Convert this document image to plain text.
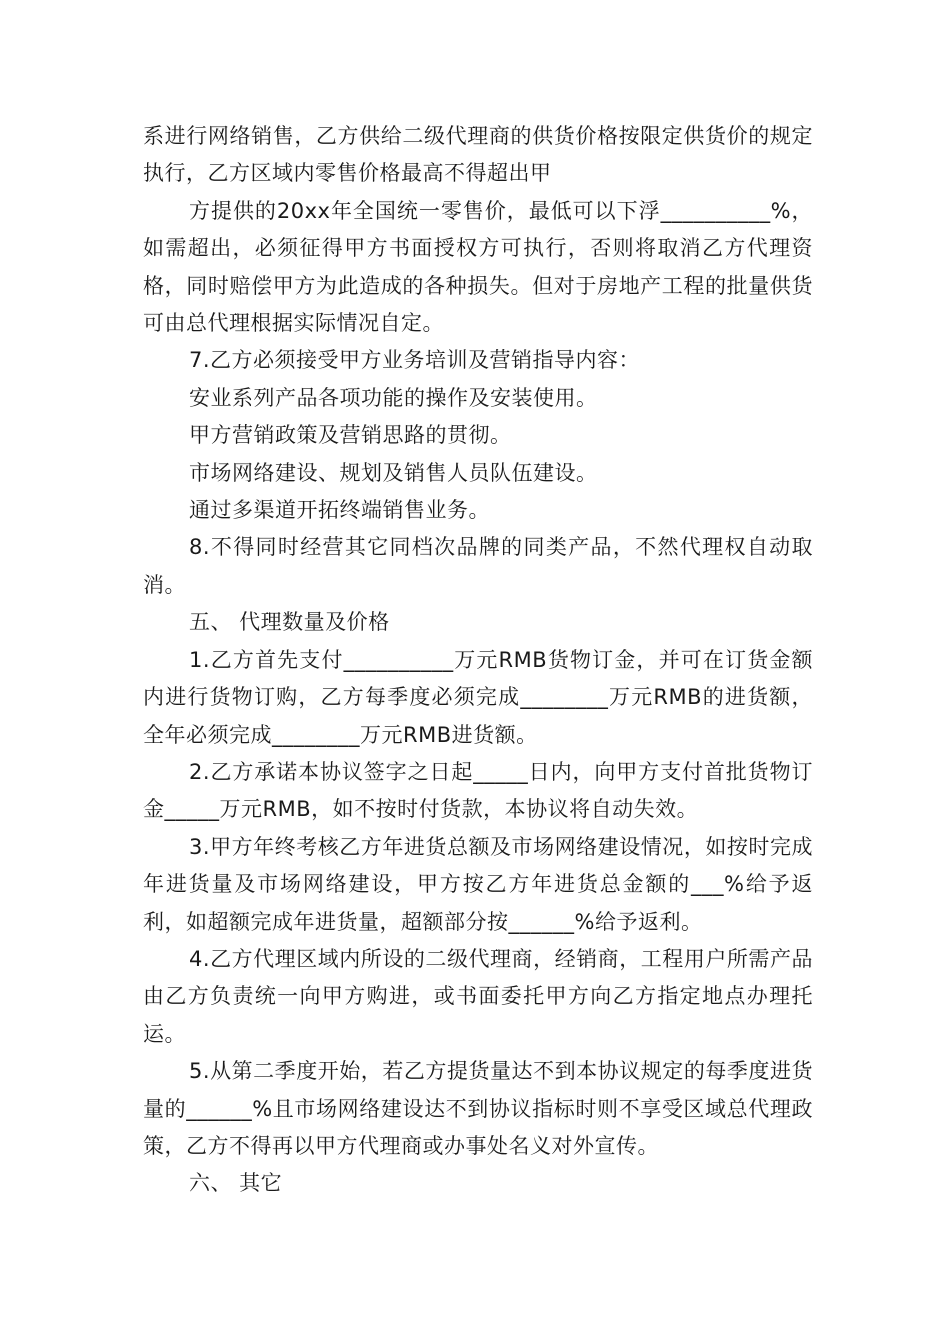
系进行网络销售，乙方供给二级代理商的供货价格按限定供货价的规定执行，乙方区域内零售价格最高不得超出甲

方提供的20xx年全国统一零售价，最低可以下浮__________%，如需超出，必须征得甲方书面授权方可执行，否则将取消乙方代理资格，同时赔偿甲方为此造成的各种损失。但对于房地产工程的批量供货可由总代理根据实际情况自定。

7.乙方必须接受甲方业务培训及营销指导内容：

安业系列产品各项功能的操作及安装使用。

甲方营销政策及营销思路的贯彻。

市场网络建设、规划及销售人员队伍建设。

通过多渠道开拓终端销售业务。

8.不得同时经营其它同档次品牌的同类产品，不然代理权自动取消。

五、 代理数量及价格

1.乙方首先支付__________万元RMB货物订金，并可在订货金额内进行货物订购，乙方每季度必须完成________万元RMB的进货额，全年必须完成________万元RMB进货额。

2.乙方承诺本协议签字之日起_____日内，向甲方支付首批货物订金_____万元RMB，如不按时付货款，本协议将自动失效。

3.甲方年终考核乙方年进货总额及市场网络建设情况，如按时完成年进货量及市场网络建设，甲方按乙方年进货总金额的___%给予返利，如超额完成年进货量，超额部分按______%给予返利。

4.乙方代理区域内所设的二级代理商，经销商，工程用户所需产品由乙方负责统一向甲方购进，或书面委托甲方向乙方指定地点办理托运。

5.从第二季度开始，若乙方提货量达不到本协议规定的每季度进货量的______%且市场网络建设达不到协议指标时则不享受区域总代理政策，乙方不得再以甲方代理商或办事处名义对外宣传。

六、 其它
